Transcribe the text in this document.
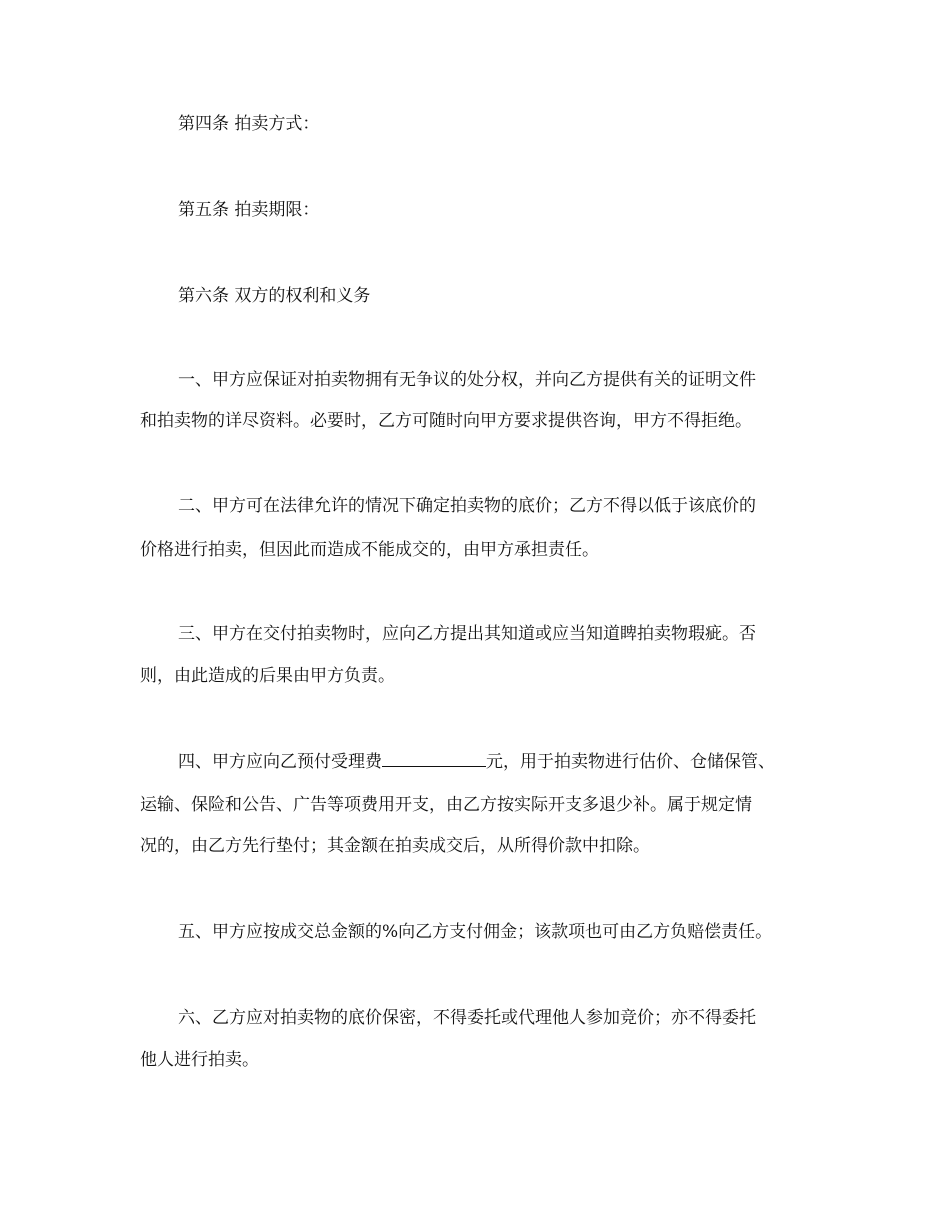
第四条 拍卖方式：
第五条 拍卖期限：
第六条 双方的权利和义务
一、甲方应保证对拍卖物拥有无争议的处分权，并向乙方提供有关的证明文件
和拍卖物的详尽资料。必要时，乙方可随时向甲方要求提供咨询，甲方不得拒绝。
二、甲方可在法律允许的情况下确定拍卖物的底价；乙方不得以低于该底价的
价格进行拍卖，但因此而造成不能成交的，由甲方承担责任。
三、甲方在交付拍卖物时，应向乙方提出其知道或应当知道睥拍卖物瑕疵。否
则，由此造成的后果由甲方负责。
四、甲方应向乙预付受理费	元，用于拍卖物进行估价、仓储保管、
运输、保险和公告、广告等项费用开支，由乙方按实际开支多退少补。属于规定情
况的，由乙方先行垫付；其金额在拍卖成交后，从所得价款中扣除。
五、甲方应按成交总金额的%向乙方支付佣金；该款项也可由乙方负赔偿责任。
六、乙方应对拍卖物的底价保密，不得委托或代理他人参加竞价；亦不得委托
他人进行拍卖。
